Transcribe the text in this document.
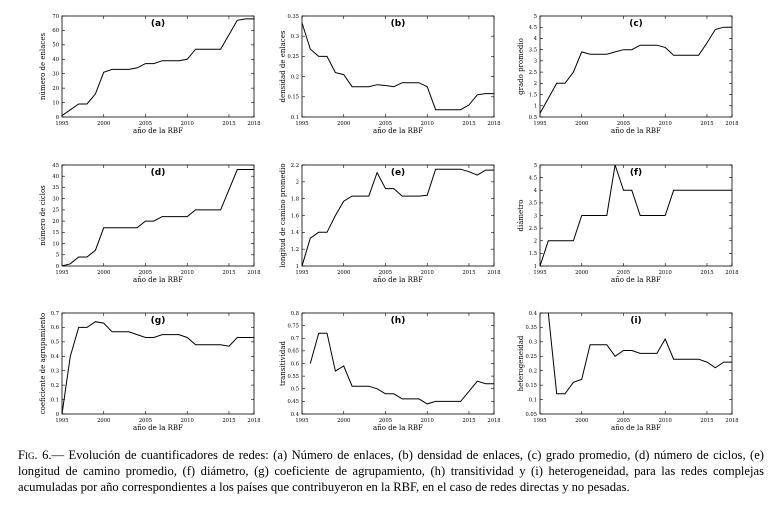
1995	2000	2005	2010	2015 2018
0
10
20
30
40
50
60
70
año de la RBF
número de enlaces
(a)
1995	2000	2005	2010	2015 2018
0.1
0.15
0.2
0.25
0.3
0.35
año de la RBF
densidad de enlaces
(b)
1995	2000	2005	2010	2015 2018
0.5
1
1.5
2
2.5
3
3.5
4
4.5
5
año de la RBF
grado promedio
(c)
1995	2000	2005	2010	2015 2018
0
5
10
15
20
25
30
35
40
45
año de la RBF
número de ciclos
(d)
1995	2000	2005	2010	2015 2018
1
1.2
1.4
1.6
1.8
2
2.2
año de la RBF
longitud de camino promedio	(e)
1995	2000	2005	2010	2015 2018
1
1.5
2
2.5
3
3.5
4
4.5
5
año de la RBF
diámetro
(f)
1995	2000	2005	2010	2015 2018
0
0.1
0.2
0.3
0.4
0.5
0.6
0.7
año de la RBF
coeficiente de agrupamiento	(g)
1995	2000	2005	2010	2015 2018
0.4
0.45
0.5
0.55
0.6
0.65
0.7
0.75
0.8
año de la RBF
transitividad
(h)
1995	2000	2005	2010	2015 2018
0.05
0.1
0.15
0.2
0.25
0.3
0.35
0.4
año de la RBF
heterogeneidad
(i)
Fig. 6.— Evolución de cuantificadores de redes: (a) Número de enlaces, (b) densidad de enlaces, (c) grado promedio, (d) número de ciclos, (e) longitud de camino promedio, (f) diámetro, (g) coeficiente de agrupamiento, (h) transitividad y (i) heterogeneidad, para las redes complejas acumuladas por año correspondientes a los países que contribuyeron en la RBF, en el caso de redes directas y no pesadas.
